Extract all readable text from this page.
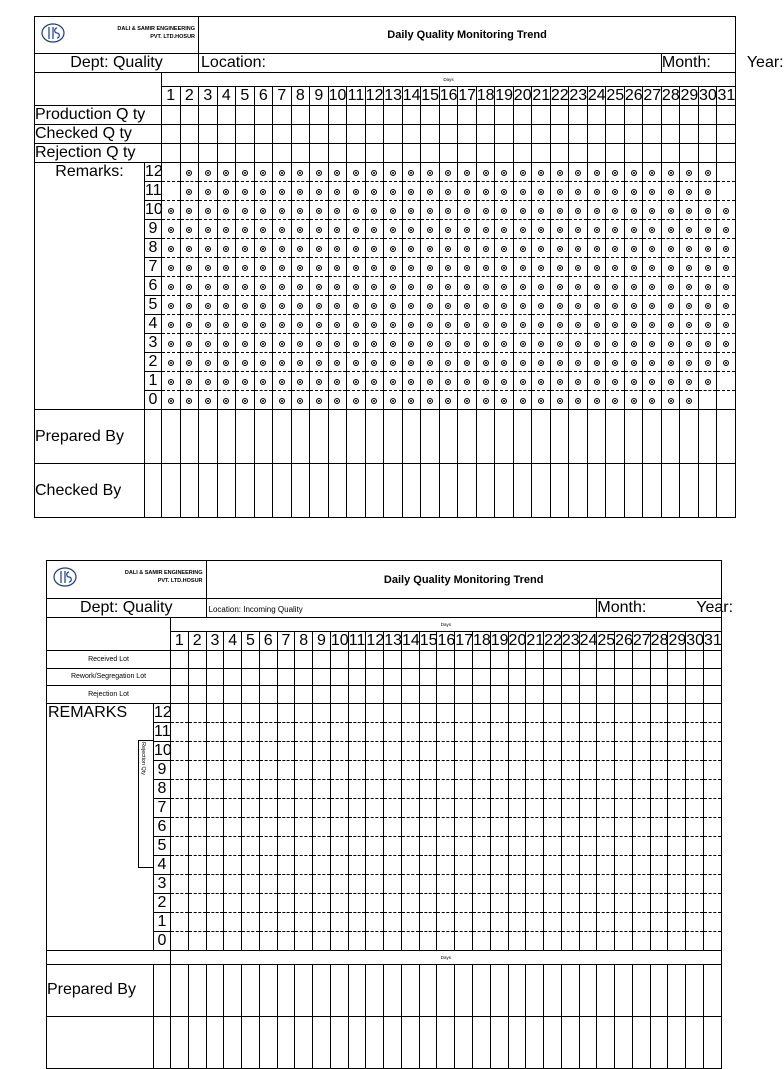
DALI & SAMIR ENGINEERING
PVT. LTD.HOSUR				Daily Quality Monitoring Trend																												
Dept: Quality				Location:																									Month: Year:			
		Days																														
		1	2	3	4	5	6	7	8	9	10	11	12	13	14	15	16	17	18	19	20	21	22	23	24	25	26	27	28	29	30	31
Production Q ty																																
Checked Q ty																																
Rejection Q ty																																

Remarks:	12																															
	11																															
	10																															
	9																															
	8																															
	7																															
	6																															
	5																															
	4																															
	3																															
	2																															
	1																															
	0																															
Prepared By																																
Checked By																																
DALI & SAMIR ENGINEERING
PVT. LTD.HOSUR				Daily Quality Monitoring Trend																												
Dept: Quality				Location: Incoming Quality																						Month: Year:						
		Days																														
		1	2	3	4	5	6	7	8	9	10	11	12	13	14	15	16	17	18	19	20	21	22	23	24	25	26	27	28	29	30	31
Received Lot																																
Rework/Segregation Lot																																
Rejection Lot																																

REMARKS	12																															
	11																															
	10																															
	9																															
	8																															
	7																															
	6																															
	5																															
	4																															
	3																															
	2																															
	1																															
	0																															
		Days																														
Prepared By																																

Rejection Qty
